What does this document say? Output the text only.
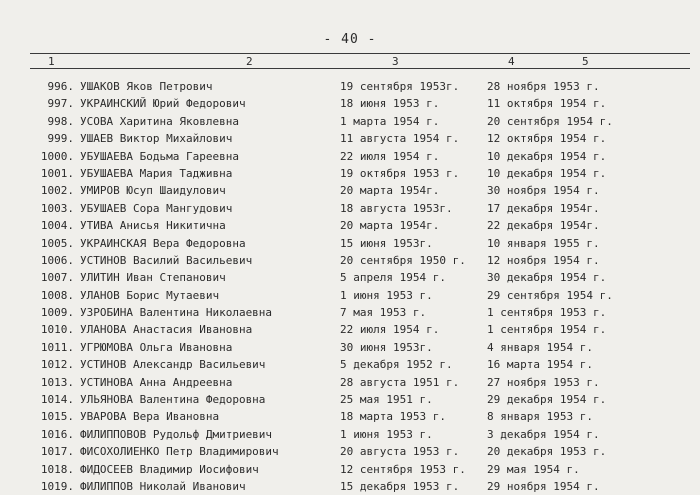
- 40 -
1	2	3	4	5
996. УШАКОВ Яков Петрович	19 сентября 1953г.	28 ноября 1953 г.
997. УКРАИНСКИЙ Юрий Федорович	18 июня 1953 г.	11 октября 1954 г.
998. УСОВА Харитина Яковлевна	1 марта 1954 г.	20 сентября 1954 г.
999. УШАЕВ Виктор Михайлович	11 августа 1954 г.	12 октября 1954 г.
1000. УБУШАЕВА Бодьма Гареевна	22 июля 1954 г.	10 декабря 1954 г.
1001. УБУШАЕВА Мария Тадживна	19 октября 1953 г.	10 декабря 1954 г.
1002. УМИРОВ Юсуп Шаидулович	20 марта 1954г.	30 ноября 1954 г.
1003. УБУШАЕВ Сора Мангудович	18 августа 1953г.	17 декабря 1954г.
1004. УТИВА Анисья Никитична	20 марта 1954г.	22 декабря 1954г.
1005. УКРАИНСКАЯ Вера Федоровна	15 июня 1953г.	10 января 1955 г.
1006. УСТИНОВ Василий Васильевич	20 сентября 1950 г. 12 ноября 1954 г.
1007. УЛИТИН Иван Степанович	5 апреля 1954 г.	30 декабря 1954 г.
1008. УЛАНОВ Борис Мутаевич	1 июня 1953 г.	29 сентября 1954 г.
1009. УЗРОБИНА Валентина Николаевна	7 мая 1953 г.	1 сентября 1953 г.
1010. УЛАНОВА Анастасия Ивановна	22 июля 1954 г.	1 сентября 1954 г.
1011. УГРЮМОВА Ольга Ивановна	30 июня 1953г.	4 января 1954 г.
1012. УСТИНОВ Александр Васильевич	5 декабря 1952 г.	16 марта 1954 г.
1013. УСТИНОВА Анна Андреевна	28 августа 1951 г.	27 ноября 1953 г.
1014. УЛЬЯНОВА Валентина Федоровна	25 мая 1951 г.	29 декабря 1954 г.
1015. УВАРОВА Вера Ивановна	18 марта 1953 г.	8 января 1953 г.
1016. ФИЛИППОВОВ Рудольф Дмитриевич	1 июня 1953 г.	3 декабря 1954 г.
1017. ФИСОХОЛИЕНКО Петр Владимирович	20 августа 1953 г.	20 декабря 1953 г.
1018. ФИДОСЕЕВ Владимир Иосифович	12 сентября 1953 г. 29 мая 1954 г.
1019. ФИЛИППОВ Николай Иванович	15 декабря 1953 г.	29 ноября 1954 г.
